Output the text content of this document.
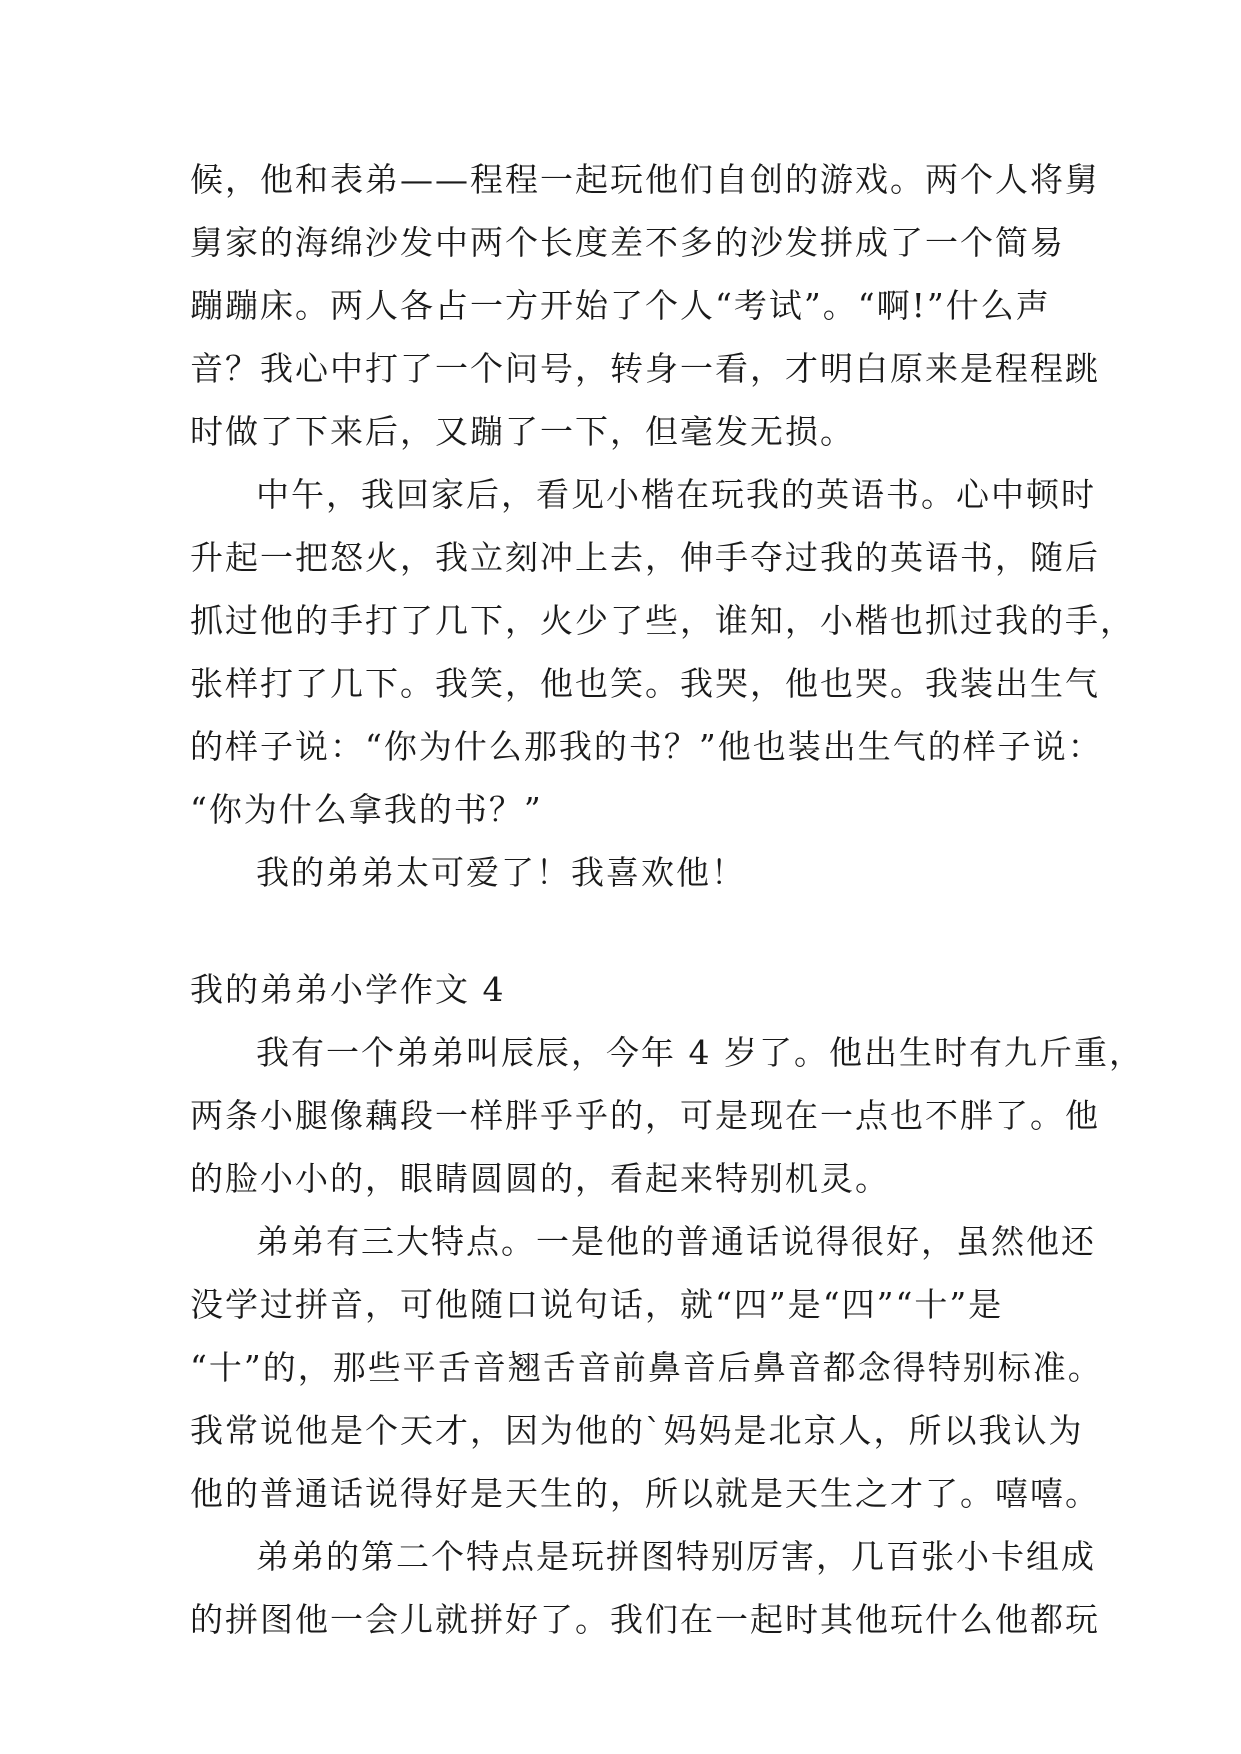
候，他和表弟——程程一起玩他们自创的游戏。两个人将舅
舅家的海绵沙发中两个长度差不多的沙发拼成了一个简易
蹦蹦床。两人各占一方开始了个人“考试”。“啊!”什么声
音？我心中打了一个问号，转身一看，才明白原来是程程跳
时做了下来后，又蹦了一下，但毫发无损。
中午，我回家后，看见小楷在玩我的英语书。心中顿时
升起一把怒火，我立刻冲上去，伸手夺过我的英语书，随后
抓过他的手打了几下，火少了些，谁知，小楷也抓过我的手，
张样打了几下。我笑，他也笑。我哭，他也哭。我装出生气
的样子说：“你为什么那我的书？”他也装出生气的样子说：
“你为什么拿我的书？”
我的弟弟太可爱了！我喜欢他！
我的弟弟小学作文 4
我有一个弟弟叫辰辰，今年 4 岁了。他出生时有九斤重，
两条小腿像藕段一样胖乎乎的，可是现在一点也不胖了。他
的脸小小的，眼睛圆圆的，看起来特别机灵。
弟弟有三大特点。一是他的普通话说得很好，虽然他还
没学过拼音，可他随口说句话，就“四”是“四”“十”是
“十”的，那些平舌音翘舌音前鼻音后鼻音都念得特别标准。
我常说他是个天才，因为他的`妈妈是北京人，所以我认为
他的普通话说得好是天生的，所以就是天生之才了。嘻嘻。
弟弟的第二个特点是玩拼图特别厉害，几百张小卡组成
的拼图他一会儿就拼好了。我们在一起时其他玩什么他都玩
